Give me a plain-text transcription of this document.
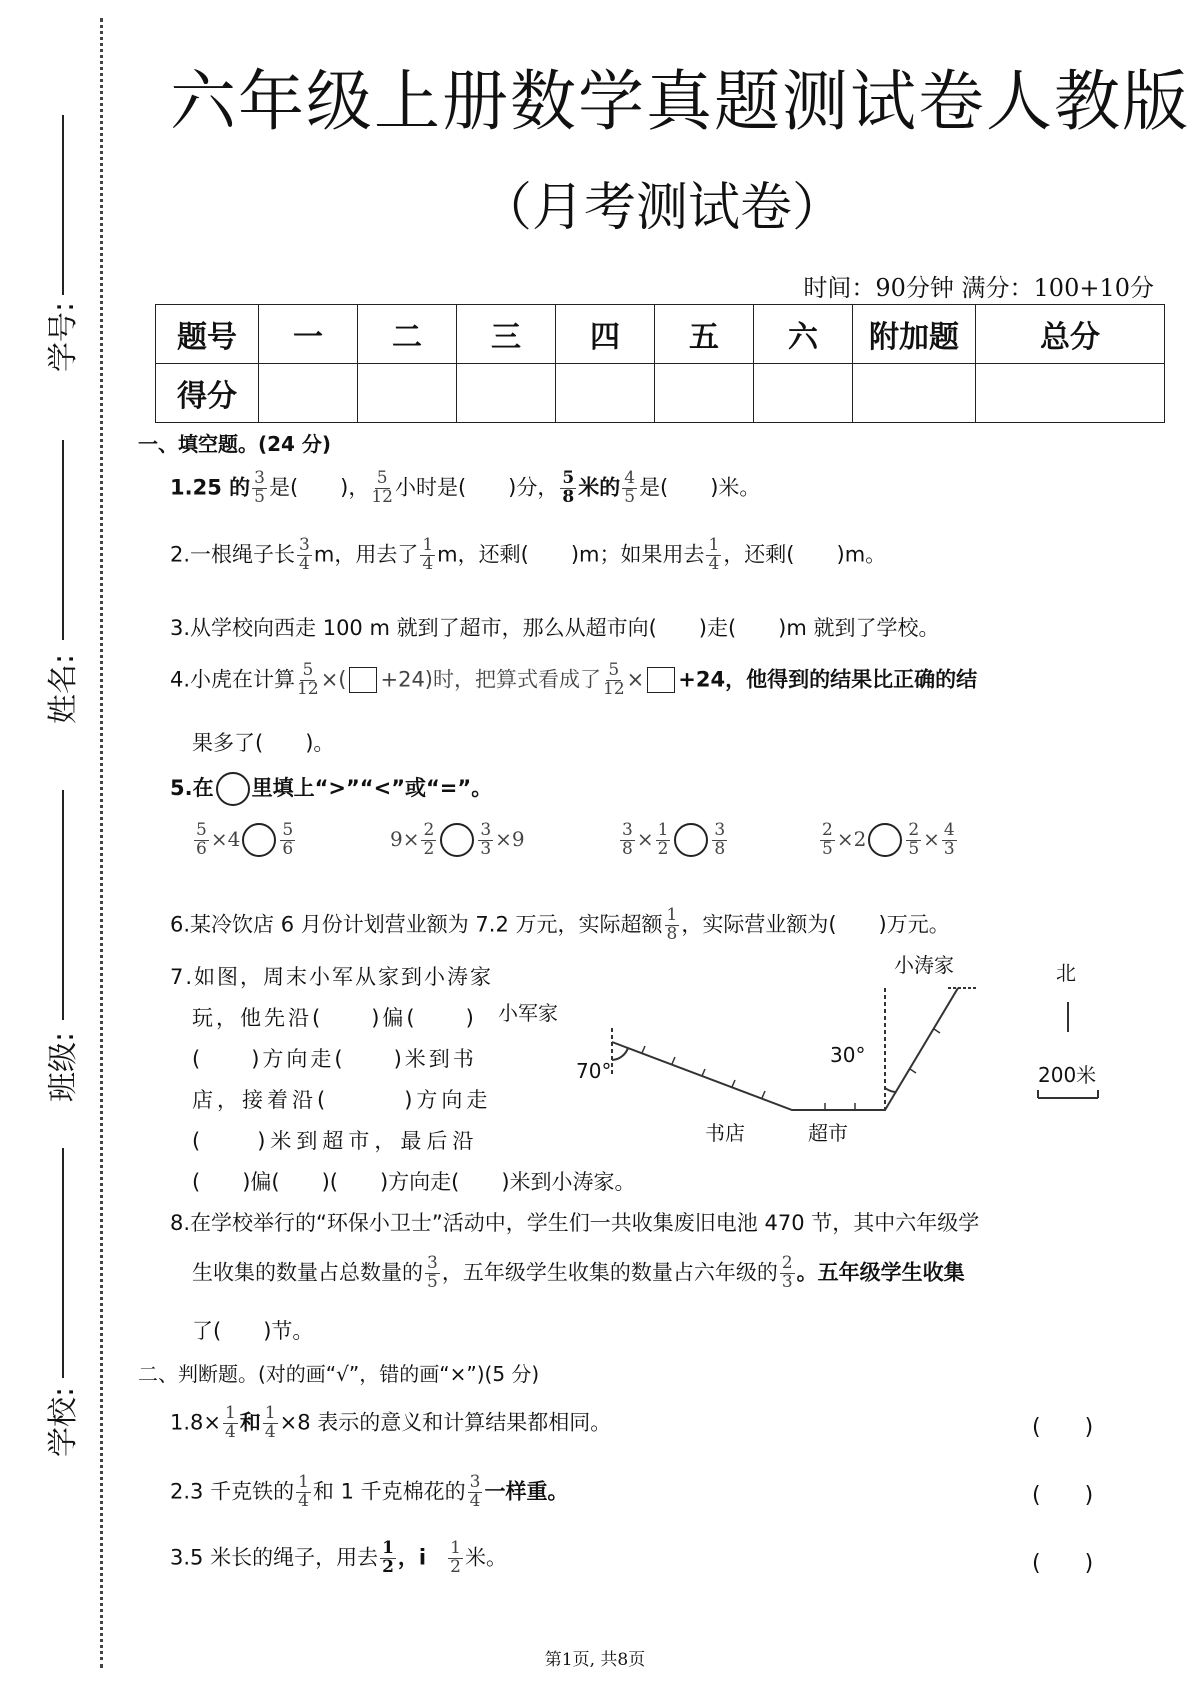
学号:
姓名:
班级:
学校:
六年级上册数学真题测试卷人教版
（月考测试卷）
时间：90分钟 满分：100+10分
题号	一	二	三	四	五	六	附加题	总分
得分								
一、填空题。(24 分)
1.25 的 $\frac{3}{5}$ 是(　　)， $\frac{5}{12}$ 小时是(　　)分， $\frac{5}{8}$ 米的 $\frac{4}{5}$ 是(　　)米。
2.一根绳子长 $\frac{3}{4}$ m，用去了 $\frac{1}{4}$ m，还剩(　　)m；如果用去 $\frac{1}{4}$ ，还剩(　　)m。
3.从学校向西走 100 m 就到了超市，那么从超市向(　　)走(　　)m 就到了学校。
4.小虎在计算 $\frac{5}{12}$ ×( +24)时，把算式看成了 $\frac{5}{12} \times +24$，他得到的结果比正确的结
果多了(　　)。
5.在 里填上“>”“<”或“=”。
$\frac{5}{6} \times 4 \frac{5}{6}$	$9\times \frac{2}{2} \frac{3}{3} \times 9$	$\frac{3}{8} \times \frac{1}{2} \frac{3}{8}$	$\frac{2}{5} \times 2 \frac{2}{5} \times \frac{4}{3}$
6.某冷饮店 6 月份计划营业额为 7.2 万元，实际超额 $\frac{1}{8}$ ，实际营业额为(　　)万元。
7.如图，周末小军从家到小涛家
玩，他先沿(　　)偏(　　)
(　　)方向走(　　)米到书
店，接着沿(　　　)方向走
(　　)米到超市，最后沿
(　　)偏(　　)(　　)方向走(　　)米到小涛家。
小军家
书店	超市
小涛家	北
200米
70°
30°
8.在学校举行的“环保小卫士”活动中，学生们一共收集废旧电池 470 节，其中六年级学
生收集的数量占总数量的 $\frac{3}{5}$ ，五年级学生收集的数量占六年级的 $\frac{2}{3}$ 。五年级学生收集
了(　　)节。
二、判断题。(对的画“√”，错的画“×”)(5 分)
$1.8\times \frac{1}{4}$ 和 $\frac{1}{4} \times 8$ 表示的意义和计算结果都相同。	(　　)
2.3 千克铁的 $\frac{1}{4}$ 和 1 千克棉花的 $\frac{3}{4}$ 一样重。	(　　)
3.5 米长的绳子，用去 $\frac{1}{2}$ ，i $\frac{1}{2}$ 米。	(　　)
第1页, 共8页
